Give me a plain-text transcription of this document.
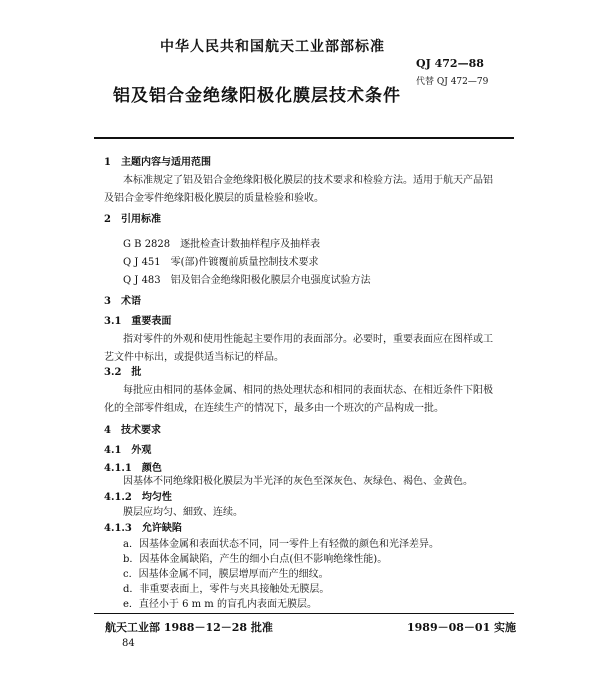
中华人民共和国航天工业部部标准
QJ 472—88
代替 QJ 472—79
铝及铝合金绝缘阳极化膜层技术条件
1　主题内容与适用范围
本标准规定了铝及铝合金绝缘阳极化膜层的技术要求和检验方法。适用于航天产品铝
及铝合金零件绝缘阳极化膜层的质量检验和验收。
2　引用标准
G B 2828　逐批检查计数抽样程序及抽样表
Q J 451　零(部)件镀覆前质量控制技术要求
Q J 483　铝及铝合金绝缘阳极化膜层介电强度试验方法
3　术语
3.1　重要表面
指对零件的外观和使用性能起主要作用的表面部分。必要时，重要表面应在图样或工
艺文件中标出，或提供适当标记的样品。
3.2　批
每批应由相同的基体金属、相同的热处理状态和相同的表面状态、在相近条件下阳极
化的全部零件组成，在连续生产的情况下，最多由一个班次的产品构成一批。
4　技术要求
4.1　外观
4.1.1　颜色
因基体不同绝缘阳极化膜层为半光泽的灰色至深灰色、灰绿色、褐色、金黄色。
4.1.2　均匀性
膜层应均匀、細致、连续。
4.1.3　允许缺陷
a．因基体金属和表面状态不同，同一零件上有轻微的颜色和光泽差异。
b．因基体金属缺陷，产生的细小白点(但不影响绝缘性能)。
c．因基体金属不同，膜层增厚而产生的细纹。
d．非重要表面上，零件与夹具接触处无膜层。
e．直径小于 6 m m 的盲孔内表面无膜层。
航天工业部 1988－12－28 批准	1989－08－01 实施
84
